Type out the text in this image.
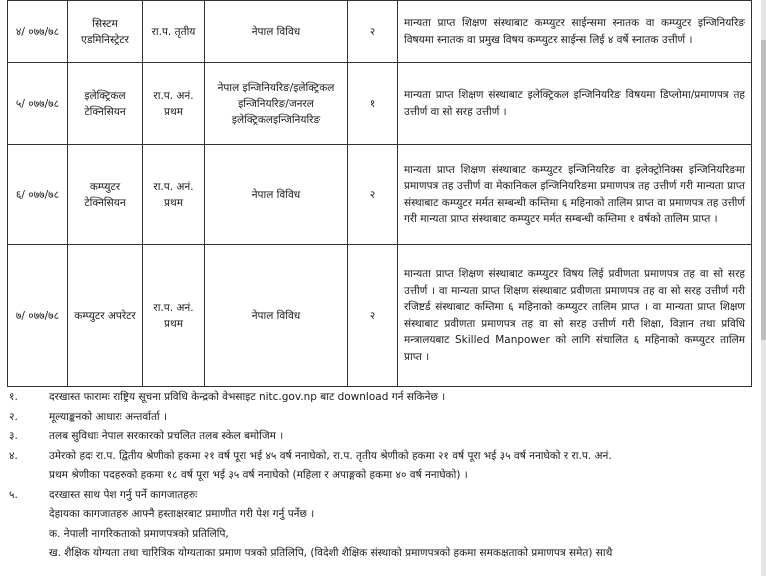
४/ ०७७/७८	सिस्टम एडमिनिस्ट्रेटर	रा.प. तृतीय	नेपाल विविध	२	मान्यता प्राप्त शिक्षण संस्थाबाट कम्प्युटर साईन्समा स्नातक वा कम्प्युटर इन्जिनियरिङ विषयमा स्नातक वा प्रमुख विषय कम्प्युटर साईन्स लिई ४ वर्षे स्नातक उत्तीर्ण ।
५/ ०७७/७८	इलेक्ट्रिकल टेक्निसियन	रा.प. अनं. प्रथम	नेपाल इन्जिनियरिङ/इलेक्ट्रिकल इन्जिनियरिङ/जनरल इलेक्ट्रिकलइन्जिनियरिङ	१	मान्यता प्राप्त शिक्षण संस्थाबाट इलेक्ट्रिकल इन्जिनियरिङ विषयमा डिप्लोमा/प्रमाणपत्र तह उत्तीर्ण वा सो सरह उत्तीर्ण ।
६/ ०७७/७८	कम्प्युटर टेक्निसियन	रा.प. अनं. प्रथम	नेपाल विविध	२	मान्यता प्राप्त शिक्षण संस्थाबाट कम्प्युटर इन्जिनियरिङ वा इलेक्ट्रोनिक्स इन्जिनियरिङमा प्रमाणपत्र तह उत्तीर्ण वा मेकानिकल इन्जिनियरिङमा प्रमाणपत्र तह उत्तीर्ण गरी मान्यता प्राप्त संस्थाबाट कम्प्युटर मर्मत सम्बन्धी कम्तिमा ६ महिनाको तालिम प्राप्त वा प्रमाणपत्र तह उत्तीर्ण गरी मान्यता प्राप्त संस्थाबाट कम्प्युटर मर्मत सम्बन्धी कम्तिमा १ वर्षको तालिम प्राप्त ।
७/ ०७७/७८	कम्प्युटर अपरेटर	रा.प. अनं. प्रथम	नेपाल विविध	२	मान्यता प्राप्त शिक्षण संस्थाबाट कम्प्युटर विषय लिई प्रवीणता प्रमाणपत्र तह वा सो सरह उत्तीर्ण । वा मान्यता प्राप्त शिक्षण संस्थाबाट प्रवीणता प्रमाणपत्र तह वा सो सरह उत्तीर्ण गरी रजिष्टर्ड संस्थाबाट कम्तिमा ६ महिनाको कम्प्युटर तालिम प्राप्त । वा मान्यता प्राप्त शिक्षण संस्थाबाट प्रवीणता प्रमाणपत्र तह वा सो सरह उत्तीर्ण गरी शिक्षा, विज्ञान तथा प्रविधि मन्त्रालयबाट Skilled Manpower को लागि संचालित ६ महिनाको कम्प्युटर तालिम प्राप्त ।
१.	दरखास्त फारामः राष्ट्रिय सूचना प्रविधि केन्द्रको वेभसाइट nitc.gov.np बाट download गर्न सकिनेछ ।
२.	मूल्याङ्कनको आधारः अन्तर्वार्ता ।
३.	तलब सुविधाः नेपाल सरकारको प्रचलित तलब स्केल बमोजिम ।
४.	उमेरको हदः रा.प. द्वितीय श्रेणीको हकमा २१ वर्ष पूरा भई ४५ वर्ष ननाघेको, रा.प. तृतीय श्रेणीको हकमा २१ वर्ष पूरा भई ३५ वर्ष ननाघेको र रा.प. अनं.
प्रथम श्रेणीका पदहरुको हकमा १८ वर्ष पूरा भई ३५ वर्ष ननाघेको (महिला र अपाङ्गको हकमा ४० वर्ष ननाघेको) ।
५.	दरखास्त साथ पेश गर्नु पर्ने कागजातहरुः
देहायका कागजातहरु आफ्नै हस्ताक्षरबाट प्रमाणीत गरी पेश गर्नु पर्नेछ ।
क. नेपाली नागरिकताको प्रमाणपत्रको प्रतिलिपि,
ख. शैक्षिक योग्यता तथा चारित्रिक योग्यताका प्रमाण पत्रको प्रतिलिपि, (विदेशी शैक्षिक संस्थाको प्रमाणपत्रको हकमा समकक्षताको प्रमाणपत्र समेत) साथै
